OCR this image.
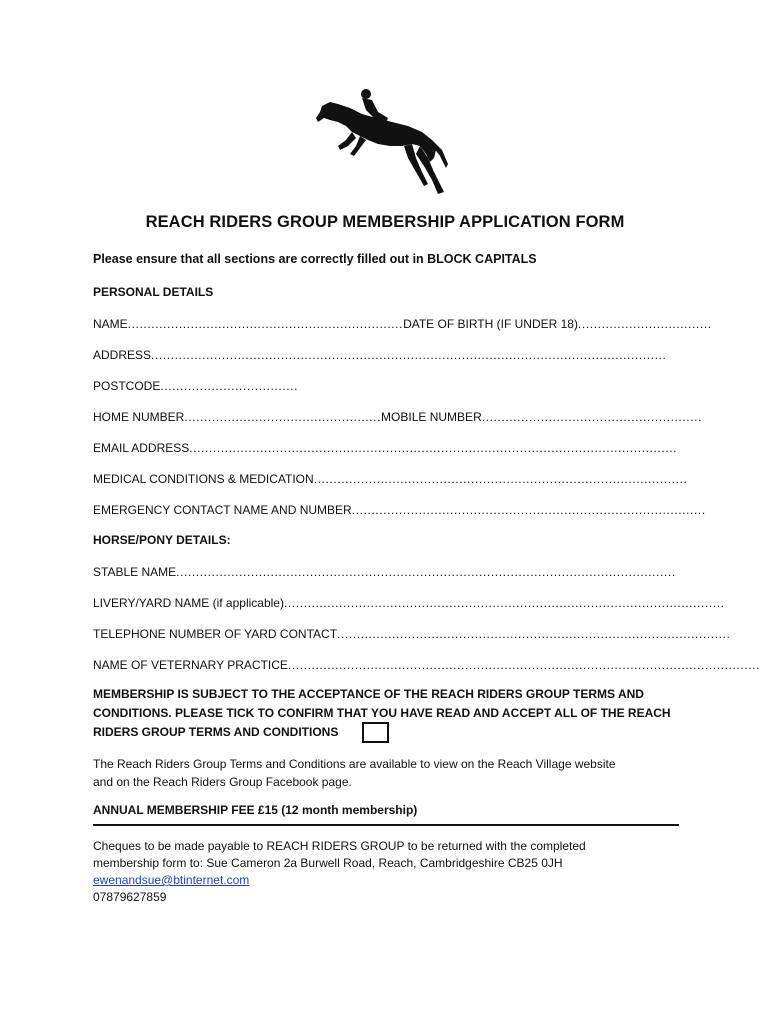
REACH RIDERS GROUP MEMBERSHIP APPLICATION FORM
Please ensure that all sections are correctly filled out in BLOCK CAPITALS
PERSONAL DETAILS
NAME......................................................................DATE OF BIRTH (IF UNDER 18)..................................
ADDRESS...................................................................................................................................
POSTCODE...................................
HOME NUMBER..................................................MOBILE NUMBER........................................................
EMAIL ADDRESS............................................................................................................................
MEDICAL CONDITIONS & MEDICATION...............................................................................................
EMERGENCY CONTACT NAME AND NUMBER..........................................................................................
HORSE/PONY DETAILS:
STABLE NAME...............................................................................................................................
LIVERY/YARD NAME (if applicable)................................................................................................................
TELEPHONE NUMBER OF YARD CONTACT....................................................................................................
NAME OF VETERNARY PRACTICE........................................................................................................................
MEMBERSHIP IS SUBJECT TO THE ACCEPTANCE OF THE REACH RIDERS GROUP TERMS AND
CONDITIONS. PLEASE TICK TO CONFIRM THAT YOU HAVE READ AND ACCEPT ALL OF THE REACH
RIDERS GROUP TERMS AND CONDITIONS
The Reach Riders Group Terms and Conditions are available to view on the Reach Village website
and on the Reach Riders Group Facebook page.
ANNUAL MEMBERSHIP FEE £15 (12 month membership)
Cheques to be made payable to REACH RIDERS GROUP to be returned with the completed
membership form to: Sue Cameron 2a Burwell Road, Reach, Cambridgeshire CB25 0JH
ewenandsue@btinternet.com
07879627859
